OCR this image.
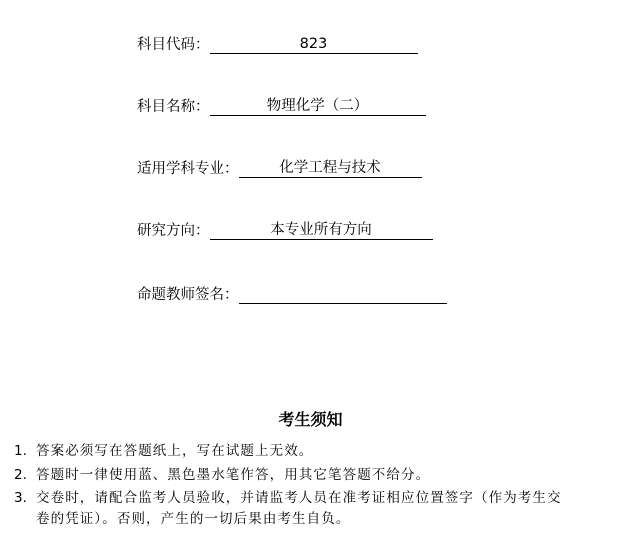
科目代码：	823
科目名称：	物理化学（二）
适用学科专业：	化学工程与技术
研究方向：	本专业所有方向
命题教师签名：
考生须知
1. 答案必须写在答题纸上，写在试题上无效。
2. 答题时一律使用蓝、黑色墨水笔作答，用其它笔答题不给分。
3. 交卷时，请配合监考人员验收，并请监考人员在准考证相应位置签字（作为考生交
卷的凭证）。否则，产生的一切后果由考生自负。
